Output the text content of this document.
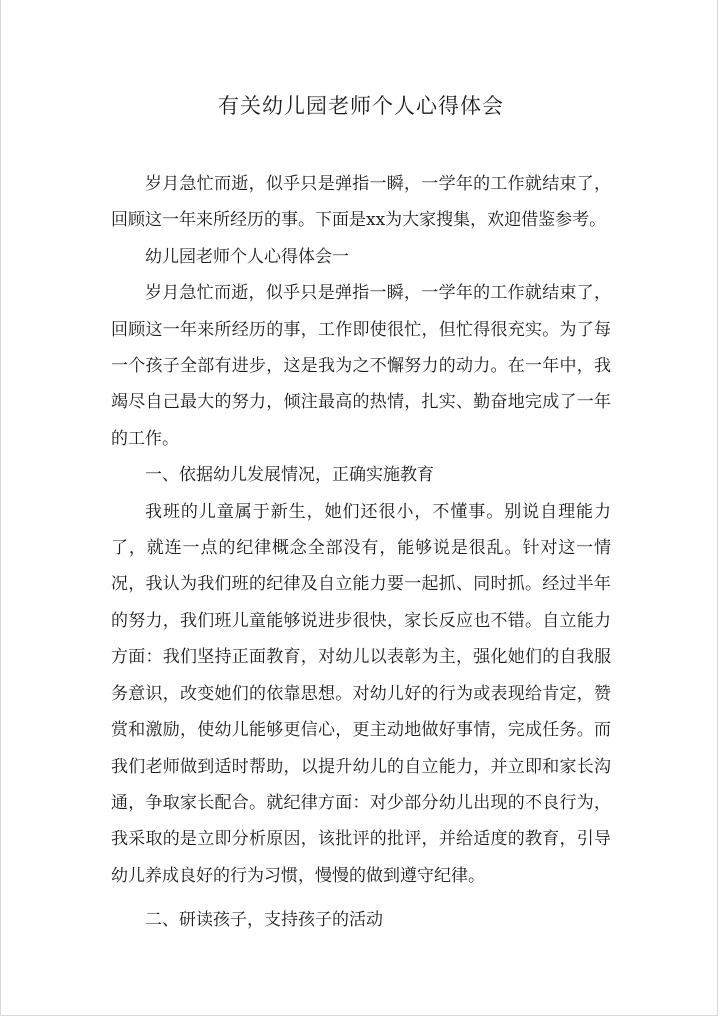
有关幼儿园老师个人心得体会

岁月急忙而逝，似乎只是弹指一瞬，一学年的工作就结束了，回顾这一年来所经历的事。下面是xx为大家搜集，欢迎借鉴参考。

幼儿园老师个人心得体会一

岁月急忙而逝，似乎只是弹指一瞬，一学年的工作就结束了，回顾这一年来所经历的事，工作即使很忙，但忙得很充实。为了每一个孩子全部有进步，这是我为之不懈努力的动力。在一年中，我竭尽自己最大的努力，倾注最高的热情，扎实、勤奋地完成了一年的工作。

一、依据幼儿发展情况，正确实施教育

我班的儿童属于新生，她们还很小，不懂事。别说自理能力了，就连一点的纪律概念全部没有，能够说是很乱。针对这一情况，我认为我们班的纪律及自立能力要一起抓、同时抓。经过半年的努力，我们班儿童能够说进步很快，家长反应也不错。自立能力方面：我们坚持正面教育，对幼儿以表彰为主，强化她们的自我服务意识，改变她们的依靠思想。对幼儿好的行为或表现给肯定，赞赏和激励，使幼儿能够更信心，更主动地做好事情，完成任务。而我们老师做到适时帮助，以提升幼儿的自立能力，并立即和家长沟通，争取家长配合。就纪律方面：对少部分幼儿出现的不良行为，我采取的是立即分析原因，该批评的批评，并给适度的教育，引导幼儿养成良好的行为习惯，慢慢的做到遵守纪律。

二、研读孩子，支持孩子的活动
